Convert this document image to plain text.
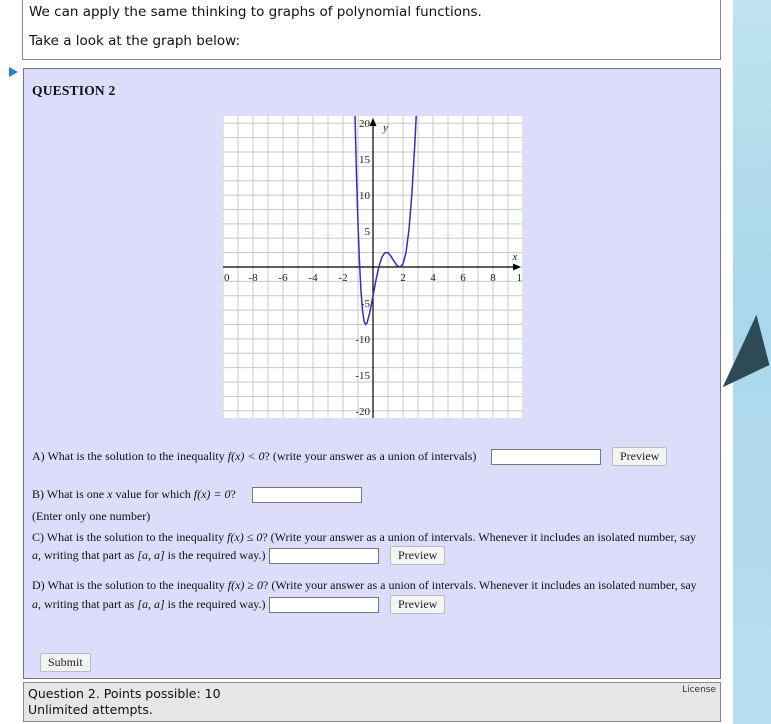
We can apply the same thinking to graphs of polynomial functions.

Take a look at the graph below:

QUESTION 2
0 -8 -6 -4 -2	2 4 6 8 1
20
15
10
5
-5
-10
-15
-20
x
y
A) What is the solution to the inequality f(x) < 0? (write your answer as a union of intervals)	Preview
B) What is one x value for which f(x) = 0?
(Enter only one number)
C) What is the solution to the inequality f(x) ≤ 0? (Write your answer as a union of intervals. Whenever it includes an isolated number, say
a, writing that part as [a, a] is the required way.)	Preview
D) What is the solution to the inequality f(x) ≥ 0? (Write your answer as a union of intervals. Whenever it includes an isolated number, say
a, writing that part as [a, a] is the required way.)	Preview
Submit
Question 2. Points possible: 10
Unlimited attempts.
License
